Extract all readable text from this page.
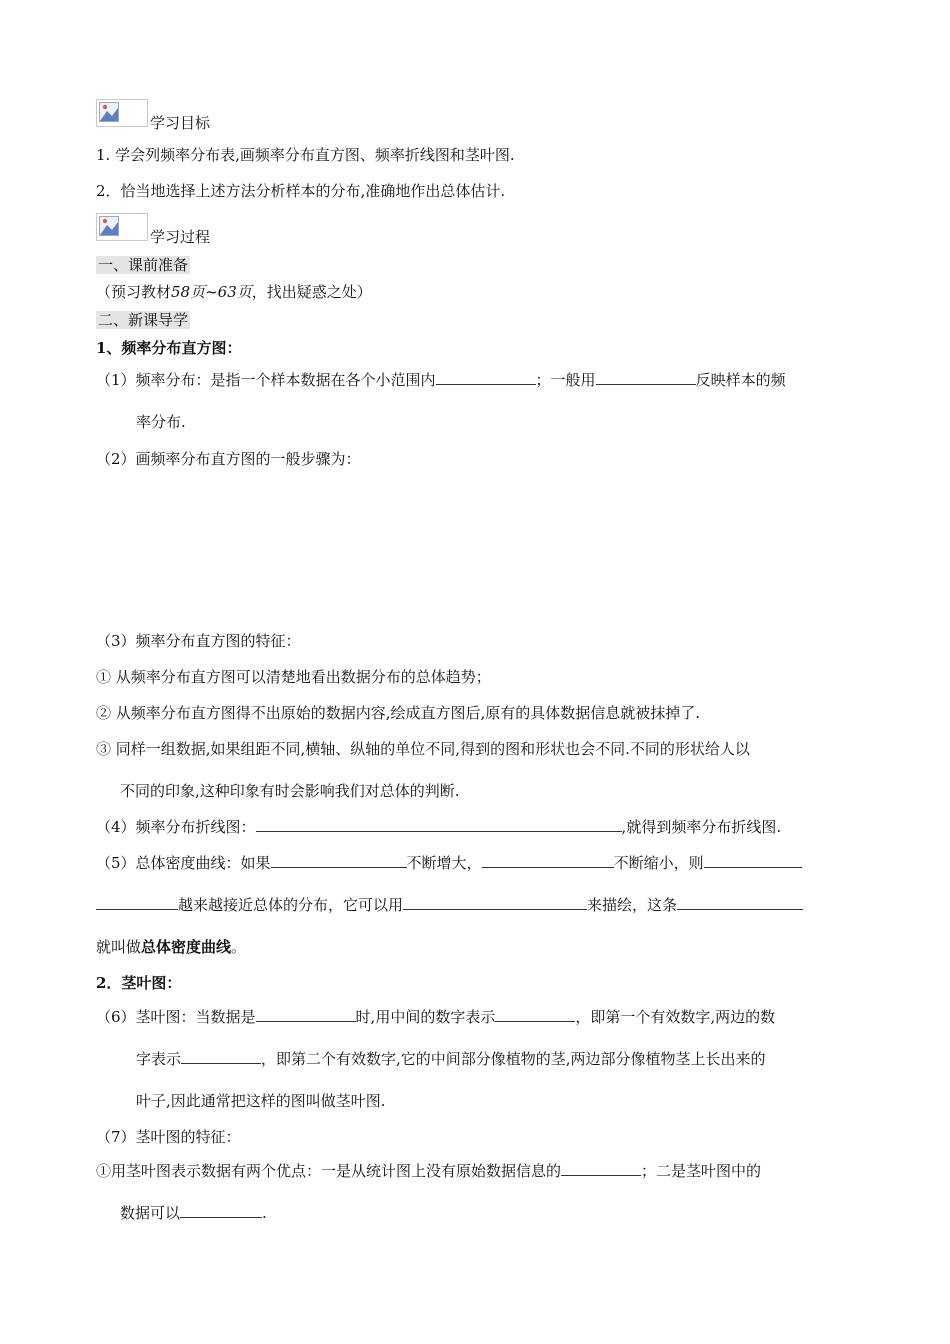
学习目标
1. 学会列频率分布表,画频率分布直方图、频率折线图和茎叶图.
2．恰当地选择上述方法分析样本的分布,准确地作出总体估计.
学习过程
一、课前准备
（预习教材58页~63页，找出疑惑之处）
二、新课导学
1、频率分布直方图：
（1）频率分布：是指一个样本数据在各个小范围内	；一般用	反映样本的频
率分布.
（2）画频率分布直方图的一般步骤为：
（3）频率分布直方图的特征：
① 从频率分布直方图可以清楚地看出数据分布的总体趋势；
② 从频率分布直方图得不出原始的数据内容,绘成直方图后,原有的具体数据信息就被抹掉了.
③ 同样一组数据,如果组距不同,横轴、纵轴的单位不同,得到的图和形状也会不同.不同的形状给人以
不同的印象,这种印象有时会影响我们对总体的判断.
（4）频率分布折线图：	,就得到频率分布折线图.
（5）总体密度曲线：如果	不断增大，	不断缩小，则
越来越接近总体的分布，它可以用	来描绘，这条
就叫做总体密度曲线。
2．茎叶图：
（6）茎叶图：当数据是	时,用中间的数字表示	，即第一个有效数字,两边的数
字表示	，即第二个有效数字,它的中间部分像植物的茎,两边部分像植物茎上长出来的
叶子,因此通常把这样的图叫做茎叶图.
（7）茎叶图的特征：
①用茎叶图表示数据有两个优点：一是从统计图上没有原始数据信息的	；二是茎叶图中的
数据可以	.
